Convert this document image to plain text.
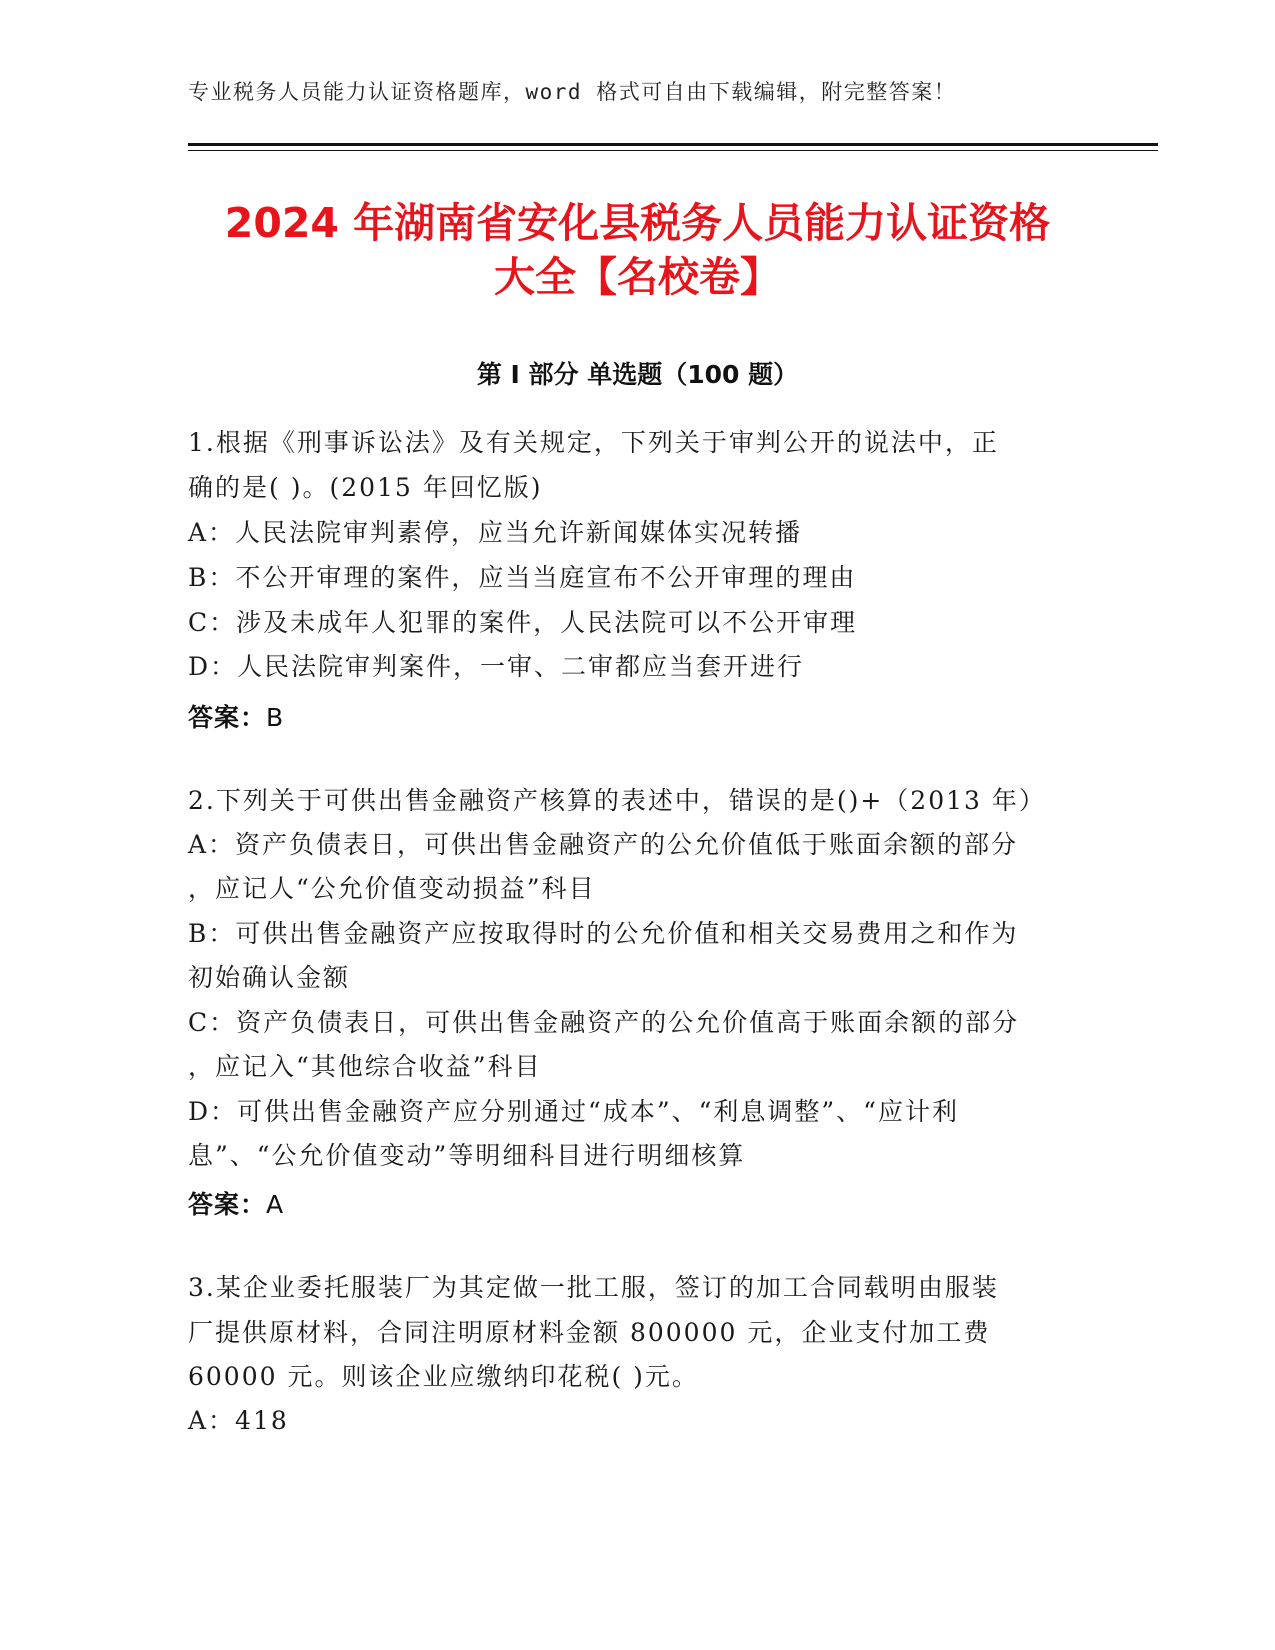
专业税务人员能力认证资格题库，word 格式可自由下载编辑，附完整答案！
2024 年湖南省安化县税务人员能力认证资格
大全【名校卷】
第 I 部分 单选题（100 题）
1.根据《刑事诉讼法》及有关规定，下列关于审判公开的说法中，正
确的是( )。(2015 年回忆版)
A：人民法院审判素停，应当允许新闻媒体实况转播
B：不公开审理的案件，应当当庭宣布不公开审理的理由
C：涉及未成年人犯罪的案件，人民法院可以不公开审理
D：人民法院审判案件，一审、二审都应当套开进行
答案：B
2.下列关于可供出售金融资产核算的表述中，错误的是()+（2013 年）
A：资产负债表日，可供出售金融资产的公允价值低于账面余额的部分
，应记人“公允价值变动损益”科目
B：可供出售金融资产应按取得时的公允价值和相关交易费用之和作为
初始确认金额
C：资产负债表日，可供出售金融资产的公允价值高于账面余额的部分
，应记入“其他综合收益”科目
D：可供出售金融资产应分别通过“成本”、“利息调整”、“应计利
息”、“公允价值变动”等明细科目进行明细核算
答案：A
3.某企业委托服装厂为其定做一批工服，签订的加工合同载明由服装
厂提供原材料，合同注明原材料金额 800000 元，企业支付加工费
60000 元。则该企业应缴纳印花税( )元。
A：418
